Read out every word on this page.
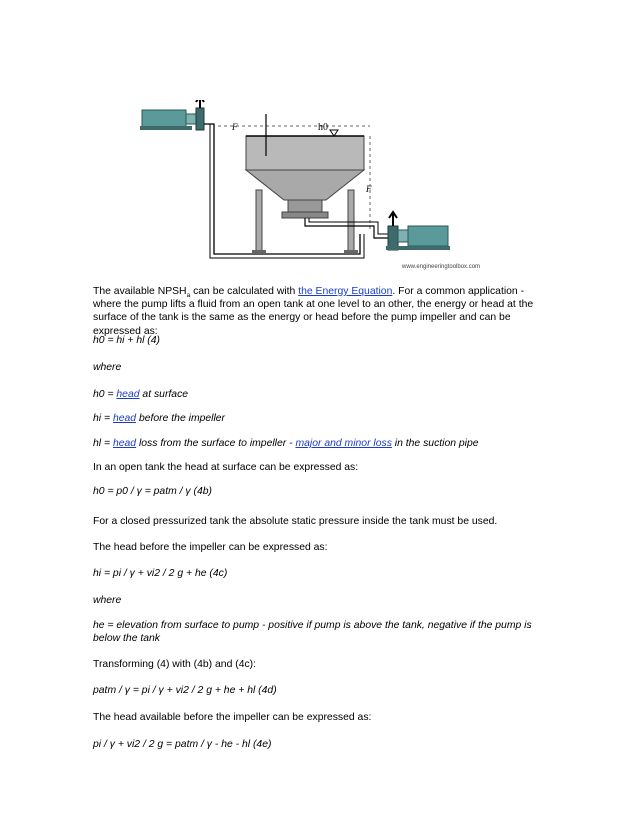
h0
F
F
www.engineeringtoolbox.com

The available $NPSH_a$ can be calculated with the Energy Equation. For a common application - where the pump lifts a fluid from an open tank at one level to an other, the energy or head at the surface of the tank is the same as the energy or head before the pump impeller and can be expressed as:

h0 = hi + hl (4)

where

h0 = head at surface

hi = head before the impeller

hl = head loss from the surface to impeller - major and minor loss in the suction pipe

In an open tank the head at surface can be expressed as:

h0 = p0 / γ = patm / γ (4b)

For a closed pressurized tank the absolute static pressure inside the tank must be used.

The head before the impeller can be expressed as:

hi = pi / γ + vi2 / 2 g + he (4c)

where

he = elevation from surface to pump - positive if pump is above the tank, negative if the pump is below the tank

Transforming (4) with (4b) and (4c):

patm / γ = pi / γ + vi2 / 2 g + he + hl (4d)

The head available before the impeller can be expressed as:

pi / γ + vi2 / 2 g = patm / γ - he - hl (4e)
